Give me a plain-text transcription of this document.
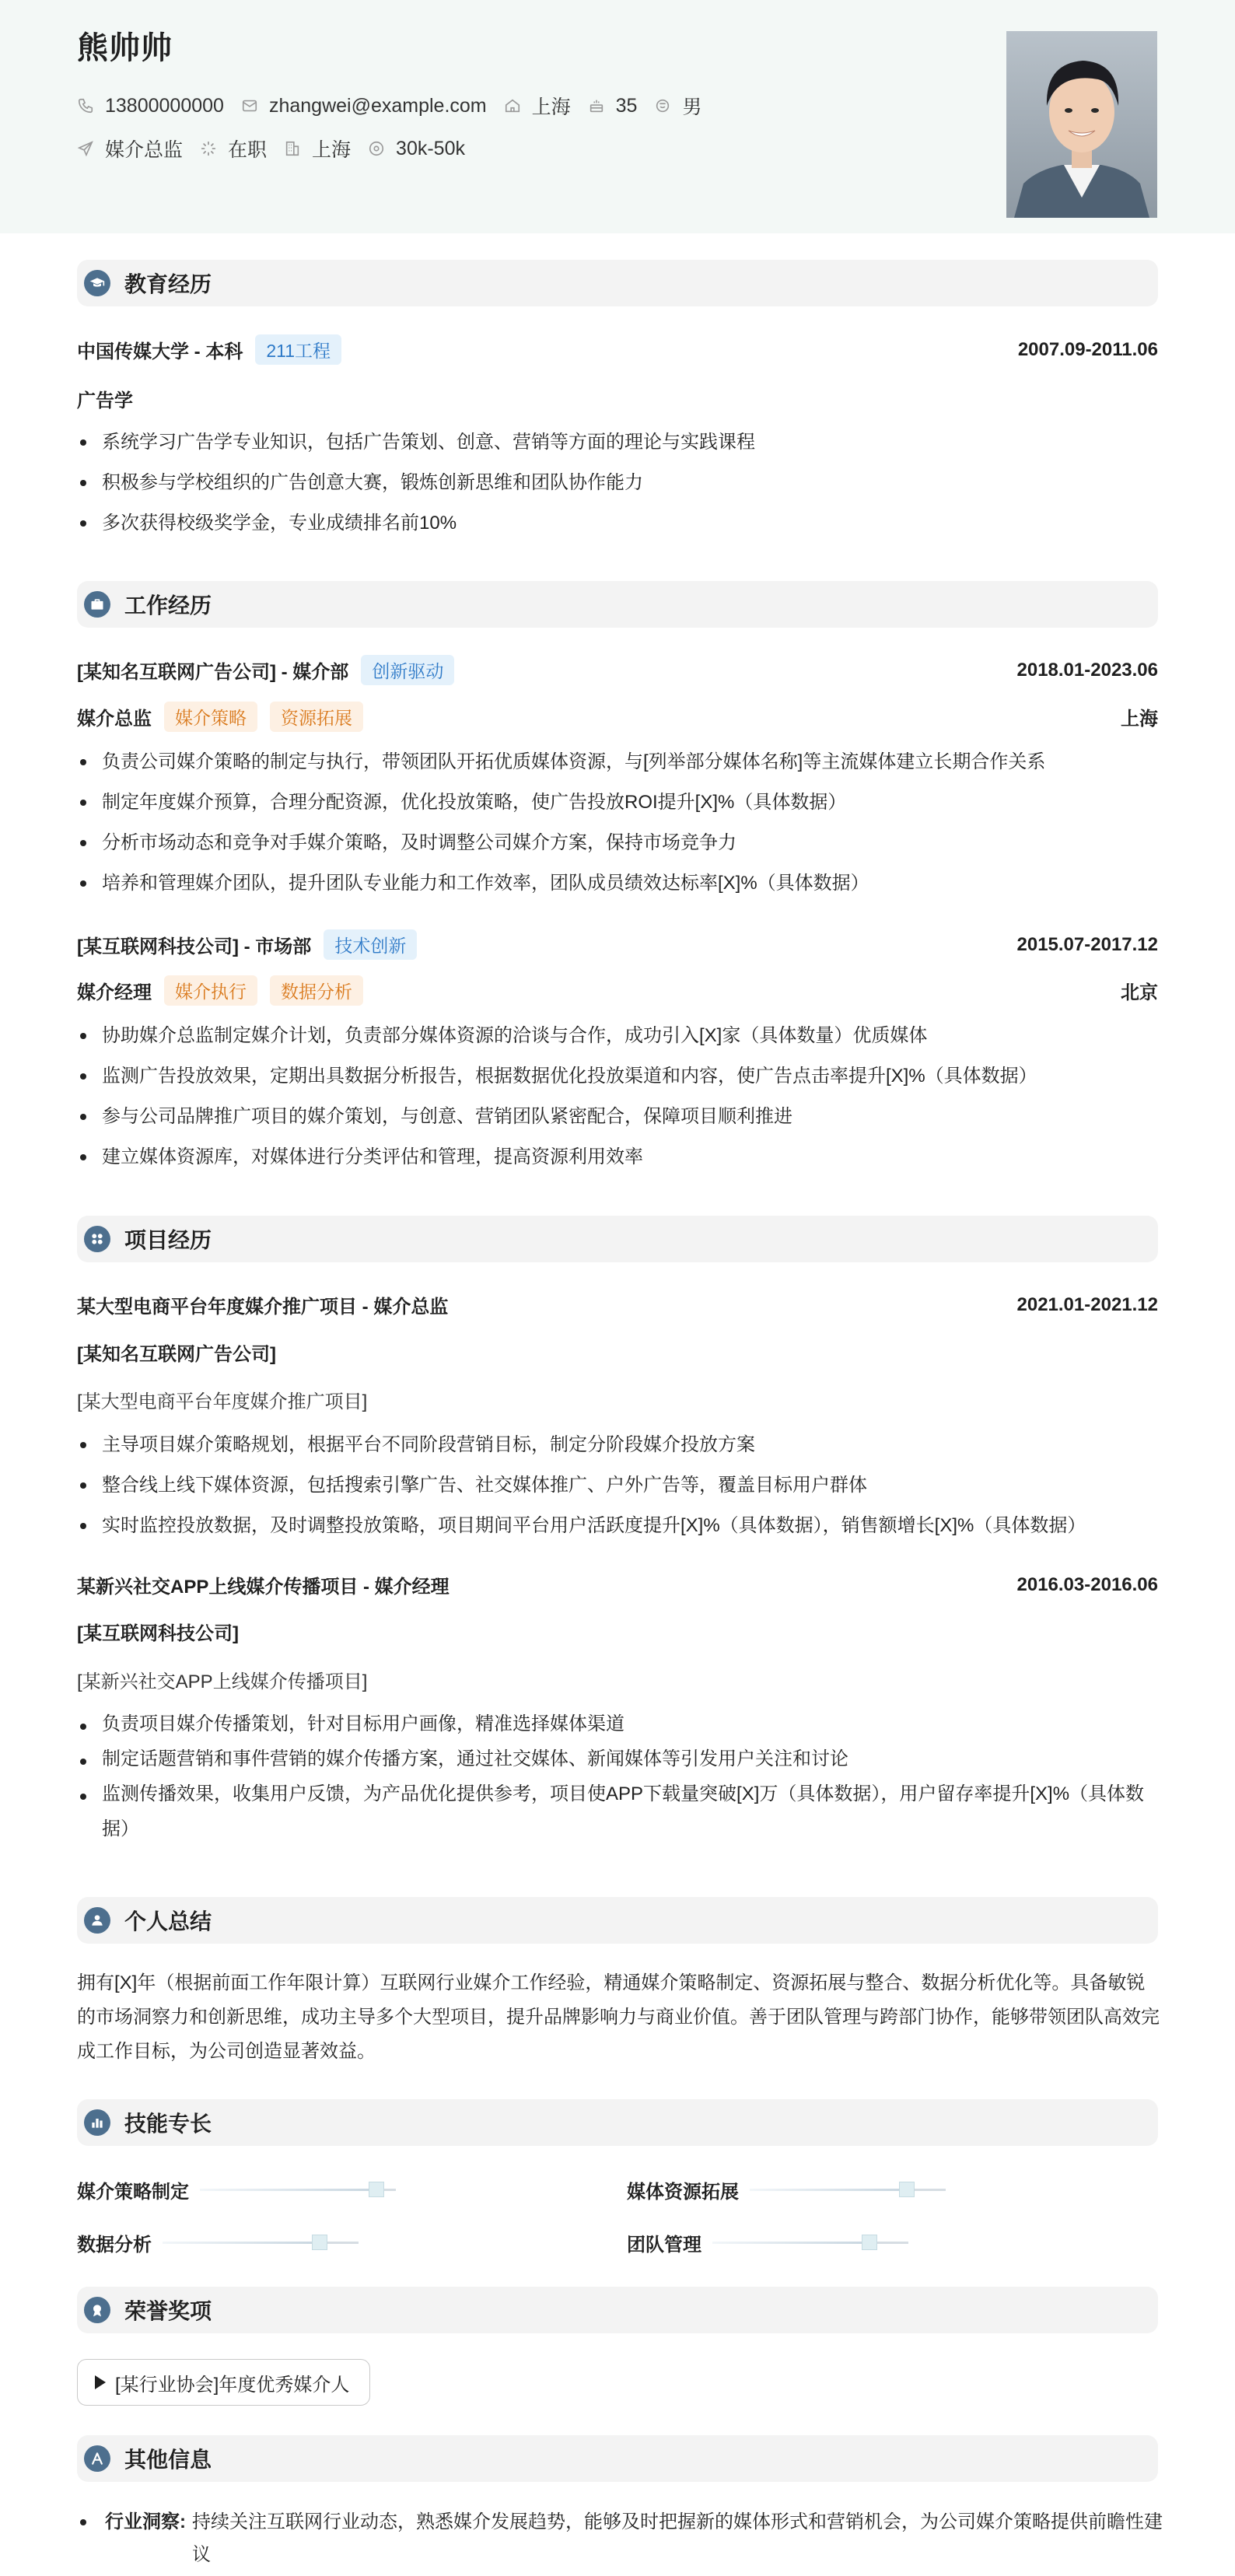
熊帅帅
13800000000 zhangwei@example.com 上海 35 男
媒介总监 在职 上海 30k-50k
教育经历
中国传媒大学 - 本科	211工程	2007.09-2011.06
广告学
系统学习广告学专业知识，包括广告策划、创意、营销等方面的理论与实践课程
积极参与学校组织的广告创意大赛，锻炼创新思维和团队协作能力
多次获得校级奖学金，专业成绩排名前10%
工作经历
[某知名互联网广告公司] - 媒介部	创新驱动	2018.01-2023.06
媒介总监	媒介策略	资源拓展	上海
负责公司媒介策略的制定与执行，带领团队开拓优质媒体资源，与[列举部分媒体名称]等主流媒体建立长期合作关系
制定年度媒介预算，合理分配资源，优化投放策略，使广告投放ROI提升[X]%（具体数据）
分析市场动态和竞争对手媒介策略，及时调整公司媒介方案，保持市场竞争力
培养和管理媒介团队，提升团队专业能力和工作效率，团队成员绩效达标率[X]%（具体数据）
[某互联网科技公司] - 市场部	技术创新	2015.07-2017.12
媒介经理	媒介执行	数据分析	北京
协助媒介总监制定媒介计划，负责部分媒体资源的洽谈与合作，成功引入[X]家（具体数量）优质媒体
监测广告投放效果，定期出具数据分析报告，根据数据优化投放渠道和内容，使广告点击率提升[X]%（具体数据）
参与公司品牌推广项目的媒介策划，与创意、营销团队紧密配合，保障项目顺利推进
建立媒体资源库，对媒体进行分类评估和管理，提高资源利用效率
项目经历
某大型电商平台年度媒介推广项目 - 媒介总监	2021.01-2021.12
[某知名互联网广告公司]
[某大型电商平台年度媒介推广项目]
主导项目媒介策略规划，根据平台不同阶段营销目标，制定分阶段媒介投放方案
整合线上线下媒体资源，包括搜索引擎广告、社交媒体推广、户外广告等，覆盖目标用户群体
实时监控投放数据，及时调整投放策略，项目期间平台用户活跃度提升[X]%（具体数据），销售额增长[X]%（具体数据）
某新兴社交APP上线媒介传播项目 - 媒介经理	2016.03-2016.06
[某互联网科技公司]
[某新兴社交APP上线媒介传播项目]
负责项目媒介传播策划，针对目标用户画像，精准选择媒体渠道
制定话题营销和事件营销的媒介传播方案，通过社交媒体、新闻媒体等引发用户关注和讨论
监测传播效果，收集用户反馈，为产品优化提供参考，项目使APP下载量突破[X]万（具体数据），用户留存率提升[X]%（具体数据）
个人总结

拥有[X]年（根据前面工作年限计算）互联网行业媒介工作经验，精通媒介策略制定、资源拓展与整合、数据分析优化等。具备敏锐的市场洞察力和创新思维，成功主导多个大型项目，提升品牌影响力与商业价值。善于团队管理与跨部门协作，能够带领团队高效完成工作目标，为公司创造显著效益。

技能专长
媒介策略制定	媒体资源拓展
数据分析	团队管理
荣誉奖项
[某行业协会]年度优秀媒介人
其他信息
行业洞察: 持续关注互联网行业动态，熟悉媒介发展趋势，能够及时把握新的媒体形式和营销机会，为公司媒介策略提供前瞻性建议
